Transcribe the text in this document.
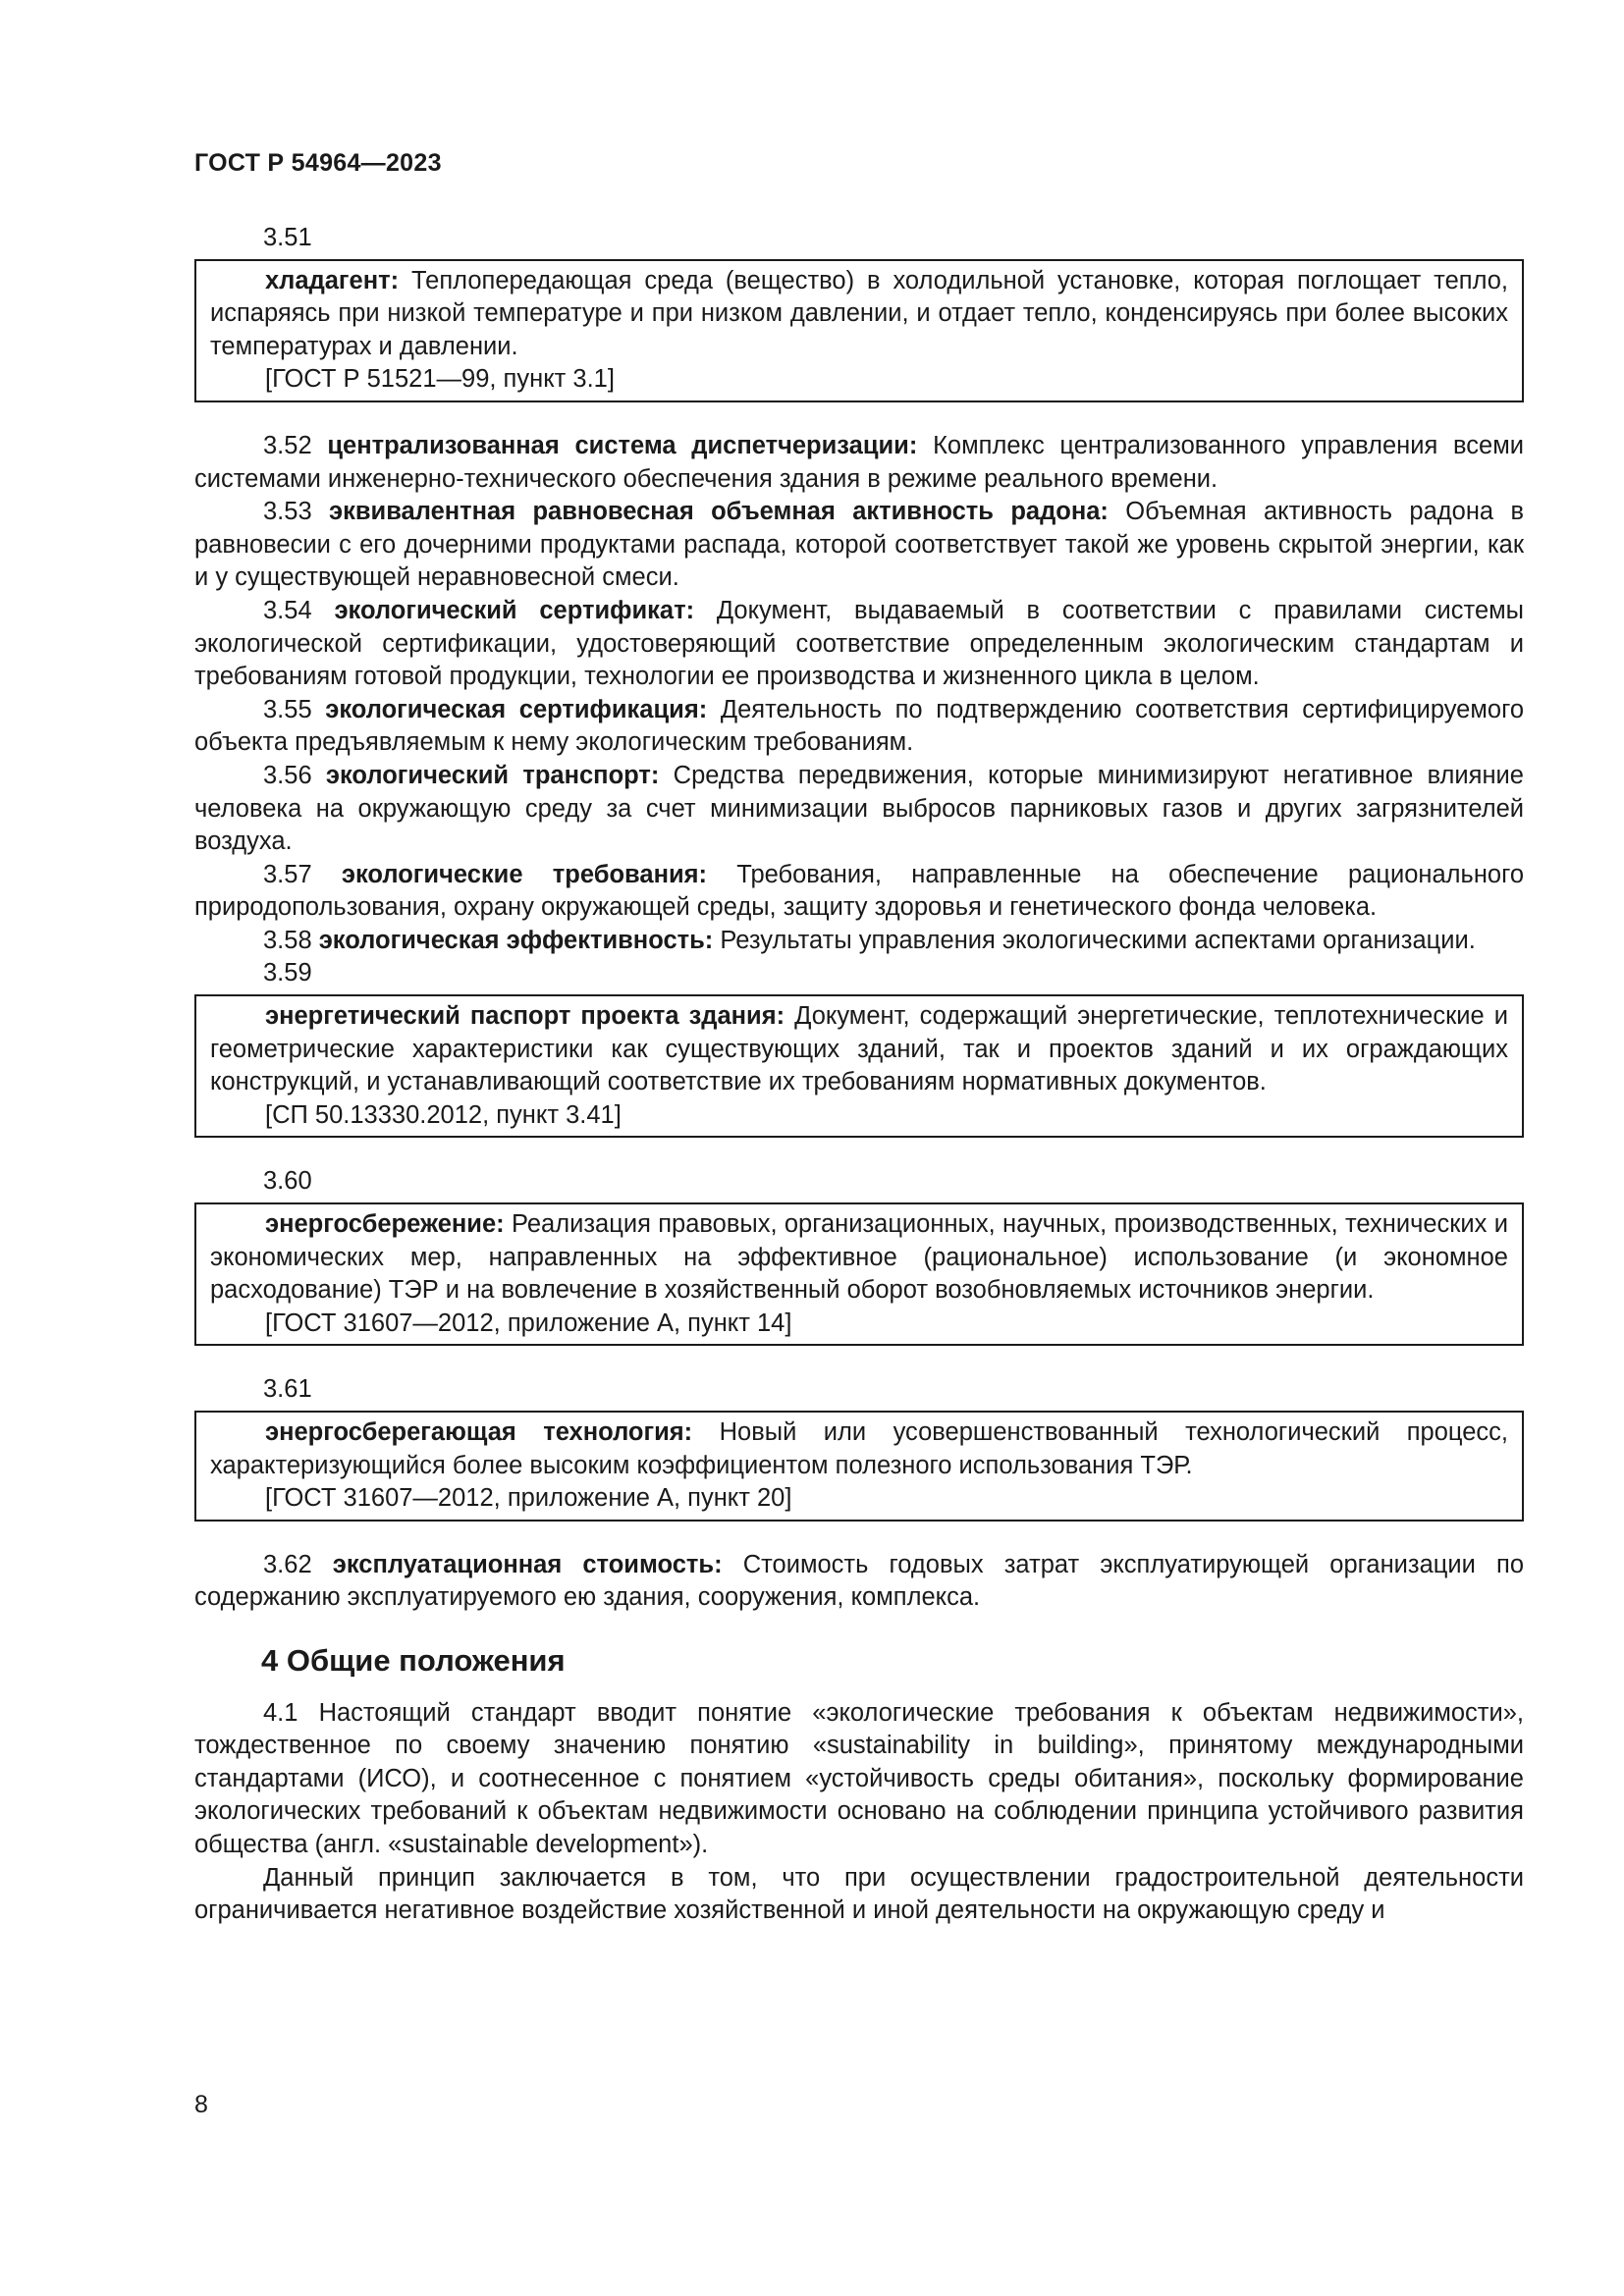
ГОСТ Р 54964—2023

3.51

хладагент: Теплопередающая среда (вещество) в холодильной установке, которая поглощает тепло, испаряясь при низкой температуре и при низком давлении, и отдает тепло, конденсируясь при более высоких температурах и давлении.

[ГОСТ Р 51521—99, пункт 3.1]

3.52 централизованная система диспетчеризации: Комплекс централизованного управления всеми системами инженерно-технического обеспечения здания в режиме реального времени.

3.53 эквивалентная равновесная объемная активность радона: Объемная активность радона в равновесии с его дочерними продуктами распада, которой соответствует такой же уровень скрытой энергии, как и у существующей неравновесной смеси.

3.54 экологический сертификат: Документ, выдаваемый в соответствии с правилами системы экологической сертификации, удостоверяющий соответствие определенным экологическим стандартам и требованиям готовой продукции, технологии ее производства и жизненного цикла в целом.

3.55 экологическая сертификация: Деятельность по подтверждению соответствия сертифицируемого объекта предъявляемым к нему экологическим требованиям.

3.56 экологический транспорт: Средства передвижения, которые минимизируют негативное влияние человека на окружающую среду за счет минимизации выбросов парниковых газов и других загрязнителей воздуха.

3.57 экологические требования: Требования, направленные на обеспечение рационального природопользования, охрану окружающей среды, защиту здоровья и генетического фонда человека.

3.58 экологическая эффективность: Результаты управления экологическими аспектами организации.

3.59

энергетический паспорт проекта здания: Документ, содержащий энергетические, теплотехнические и геометрические характеристики как существующих зданий, так и проектов зданий и их ограждающих конструкций, и устанавливающий соответствие их требованиям нормативных документов.

[СП 50.13330.2012, пункт 3.41]

3.60

энергосбережение: Реализация правовых, организационных, научных, производственных, технических и экономических мер, направленных на эффективное (рациональное) использование (и экономное расходование) ТЭР и на вовлечение в хозяйственный оборот возобновляемых источников энергии.

[ГОСТ 31607—2012, приложение А, пункт 14]

3.61

энергосберегающая технология: Новый или усовершенствованный технологический процесс, характеризующийся более высоким коэффициентом полезного использования ТЭР.

[ГОСТ 31607—2012, приложение А, пункт 20]

3.62 эксплуатационная стоимость: Стоимость годовых затрат эксплуатирующей организации по содержанию эксплуатируемого ею здания, сооружения, комплекса.

4 Общие положения

4.1 Настоящий стандарт вводит понятие «экологические требования к объектам недвижимости», тождественное по своему значению понятию «sustainability in building», принятому международными стандартами (ИСО), и соотнесенное с понятием «устойчивость среды обитания», поскольку формирование экологических требований к объектам недвижимости основано на соблюдении принципа устойчивого развития общества (англ. «sustainable development»).

Данный принцип заключается в том, что при осуществлении градостроительной деятельности ограничивается негативное воздействие хозяйственной и иной деятельности на окружающую среду и

8
